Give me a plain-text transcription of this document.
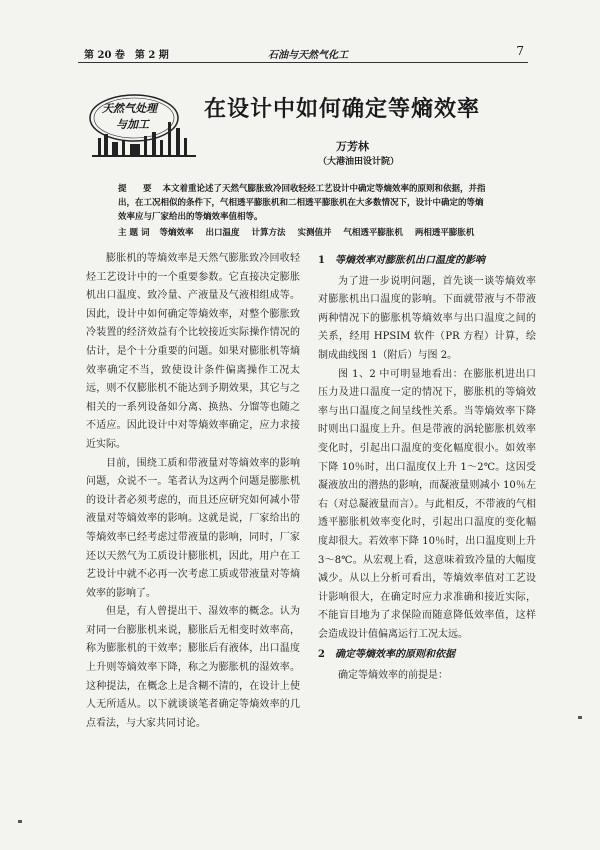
第 20 卷　第 2 期	石油与天然气化工	7
天然气处理
与加工
在设计中如何确定等熵效率
万芳林
（大港油田设计院）
提　要 本文着重论述了天然气膨胀致冷回收轻烃工艺设计中确定等熵效率的原则和依据，并指出，在工况相似的条件下，气相透平膨胀机和二相透平膨胀机在大多数情况下，设计中确定的等熵效率应与厂家给出的等熵效率值相等。
主题词 等熵效率 出口温度 计算方法 实测值并 气相透平膨胀机 两相透平膨胀机

膨胀机的等熵效率是天然气膨胀致冷回收轻烃工艺设计中的一个重要参数。它直接决定膨胀机出口温度、致冷量、产液量及气液相组成等。因此，设计中如何确定等熵效率，对整个膨胀致冷装置的经济效益有个比较接近实际操作情况的估计，是个十分重要的问题。如果对膨胀机等熵效率确定不当，致使设计条件偏离操作工况太远，则不仅膨胀机不能达到予期效果，其它与之相关的一系列设备如分离、换热、分馏等也随之不适应。因此设计中对等熵效率确定，应力求接近实际。

目前，围绕工质和带液量对等熵效率的影响问题，众说不一。笔者认为这两个问题是膨胀机的设计者必须考虑的，而且还应研究如何减小带液量对等熵效率的影响。这就是说，厂家给出的等熵效率已经考虑过带液量的影响，同时，厂家还以天然气为工质设计膨胀机，因此，用户在工艺设计中就不必再一次考虑工质或带液量对等熵效率的影响了。

但是，有人曾提出干、湿效率的概念。认为对同一台膨胀机来说，膨胀后无相变时效率高，称为膨胀机的干效率；膨胀后有液体，出口温度上升则等熵效率下降，称之为膨胀机的湿效率。这种提法，在概念上是含糊不清的，在设计上使人无所适从。以下就谈谈笔者确定等熵效率的几点看法，与大家共同讨论。

1 等熵效率对膨胀机出口温度的影响

为了进一步说明问题，首先谈一谈等熵效率对膨胀机出口温度的影响。下面就带液与不带液两种情况下的膨胀机等熵效率与出口温度之间的关系，经用 HPSIM 软件（PR 方程）计算，绘制成曲线图 1（附后）与图 2。

图 1、2 中可明显地看出：在膨胀机进出口压力及进口温度一定的情况下，膨胀机的等熵效率与出口温度之间呈线性关系。当等熵效率下降时则出口温度上升。但是带液的涡轮膨胀机效率变化时，引起出口温度的变化幅度很小。如效率下降 10％时，出口温度仅上升 1～2℃。这因受凝液放出的潜热的影响，而凝液量则减小 10％左右（对总凝液量而言）。与此相反，不带液的气相透平膨胀机效率变化时，引起出口温度的变化幅度却很大。若效率下降 10％时，出口温度则上升 3～8℃。从宏观上看，这意味着致冷量的大幅度减少。从以上分析可看出，等熵效率值对工艺设计影响很大，在确定时应力求准确和接近实际，不能盲目地为了求保险而随意降低效率值，这样会造成设计值偏离运行工况太远。

2 确定等熵效率的原则和依据

确定等熵效率的前提是：
